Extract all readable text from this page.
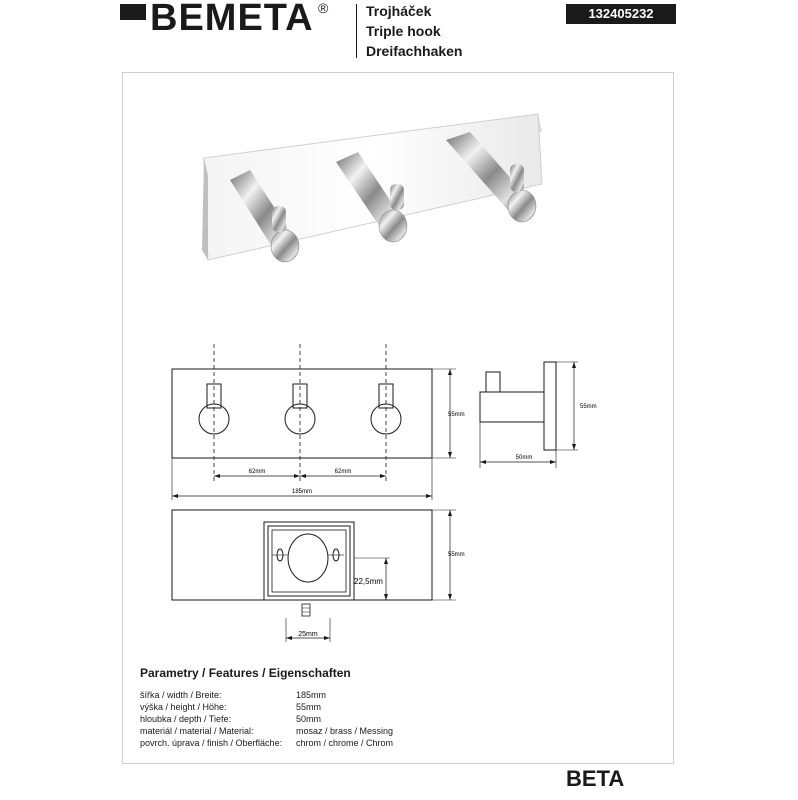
BEMETA ®	Trojháček
Triple hook
Dreifachhaken
132405232
62mm	62mm
185mm
55mm
55mm
50mm
55mm
22,5mm
25mm
Parametry / Features / Eigenschaften
šířka / width / Breite:	185mm
výška / height / Höhe:	55mm
hloubka / depth / Tiefe:	50mm
materiál / material / Material:	mosaz / brass / Messing
povrch. úprava / finish / Oberfläche: chrom / chrome / Chrom
BETA
